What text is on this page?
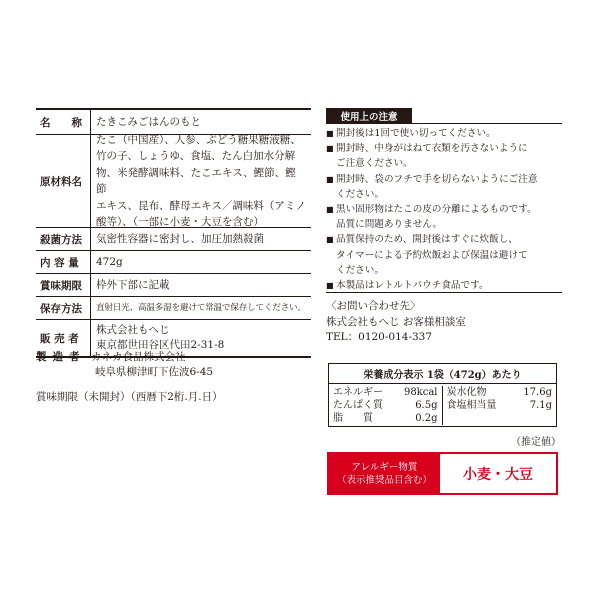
名　　称	たきこみごはんのもと
原材料名
たこ（中国産）、人参、ぶどう糖果糖液糖、
竹の子、しょうゆ、食塩、たん白加水分解
物、米発酵調味料、たこエキス、鰹節、鰹節
エキス、昆布、酵母エキス／調味料（アミノ
酸等）、（一部に小麦・大豆を含む）
殺菌方法	気密性容器に密封し、加圧加熱殺菌
内 容 量	472g
賞味期限	枠外下部に記載
保存方法	直射日光、高温多湿を避けて常温で保存してください。
販 売 者
株式会社もへじ
東京都世田谷区代田2-31-8
製造者 カネカ食品株式会社
岐阜県柳津町下佐波6-45
賞味期限（未開封）（西暦下2桁.月.日）
使用上の注意
■ 開封後は1回で使い切ってください。
■ 開封時、中身がはねて衣類を汚さないように
ご注意ください。
■ 開封時、袋のフチで手を切らないようにご注意
ください。
■ 黒い固形物はたこの皮の分離によるものです。
品質に問題ありません。
■ 品質保持のため、開封後はすぐに炊飯し、
タイマーによる予約炊飯および保温は避けて
ください。
■ 本製品はレトルトパウチ食品です。
〈お問い合わせ先〉
株式会社もへじ お客様相談室
TEL：0120-014-337
栄養成分表示 1袋（472g）あたり
エネルギー 98kcal
たんぱく質	6.5g
脂　　質	0.2g
炭水化物	17.6g
食塩相当量	7.1g
（推定値）
アレルギー物質
（表示推奨品目含む）	小麦・大豆
